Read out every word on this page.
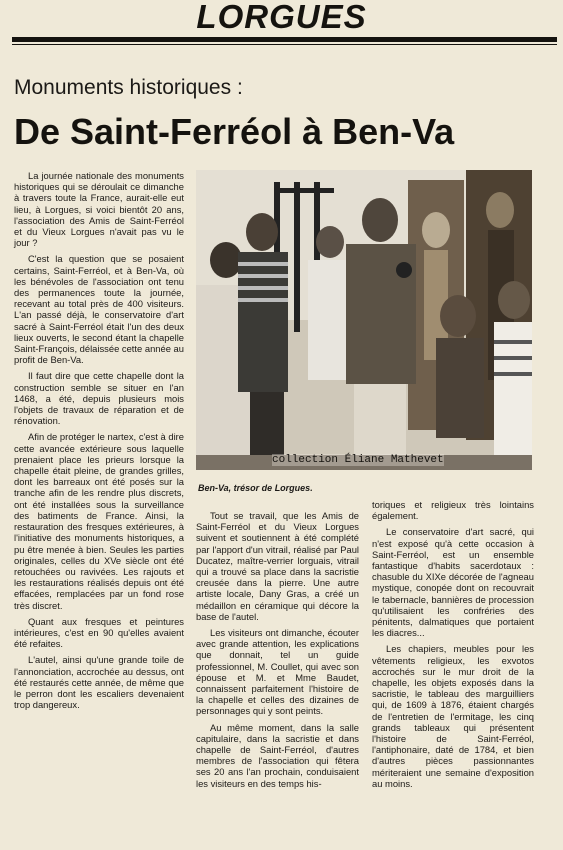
LORGUES
Monuments historiques :
De Saint-Ferréol à Ben-Va
collection Éliane Mathevet
Ben-Va, trésor de Lorgues.

La journée nationale des monuments historiques qui se déroulait ce dimanche à travers toute la France, aurait-elle eut lieu, à Lorgues, si voici bientôt 20 ans, l'association des Amis de Saint-Ferréol et du Vieux Lorgues n'avait pas vu le jour ?

C'est la question que se posaient certains, Saint-Ferréol, et à Ben-Va, où les bénévoles de l'association ont tenu des permanences toute la journée, recevant au total près de 400 visiteurs. L'an passé déjà, le conservatoire d'art sacré à Saint-Ferréol était l'un des deux lieux ouverts, le second étant la chapelle Saint-François, délaissée cette année au profit de Ben-Va.

Il faut dire que cette chapelle dont la construction semble se situer en l'an 1468, a été, depuis plusieurs mois l'objets de travaux de réparation et de rénovation.

Afin de protéger le nartex, c'est à dire cette avancée extérieure sous laquelle prenaient place les prieurs lorsque la chapelle était pleine, de grandes grilles, dont les barreaux ont été posés sur la tranche afin de les rendre plus discrets, ont été installées sous la surveillance des batiments de France. Ainsi, la restauration des fresques extérieures, à l'initiative des monuments historiques, a pu être menée à bien. Seules les parties originales, celles du XVe siècle ont été retouchées ou ravivées. Les rajouts et les restaurations réalisés depuis ont été effacées, remplacées par un fond rose très discret.

Quant aux fresques et peintures intérieures, c'est en 90 qu'elles avaient été refaites.

L'autel, ainsi qu'une grande toile de l'annonciation, accrochée au dessus, ont été restaurés cette année, de même que le perron dont les escaliers devenaient trop dangereux.

Tout se travail, que les Amis de Saint-Ferréol et du Vieux Lorgues suivent et soutiennent à été complété par l'apport d'un vitrail, réalisé par Paul Ducatez, maître-verrier lorguais, vitrail qui a trouvé sa place dans la sacristie creusée dans la pierre. Une autre artiste locale, Dany Gras, a créé un médaillon en céramique qui décore la base de l'autel.

Les visiteurs ont dimanche, écouter avec grande attention, les explications que donnait, tel un guide professionnel, M. Coullet, qui avec son épouse et M. et Mme Baudet, connaissent parfaitement l'histoire de la chapelle et celles des dizaines de personnages qui y sont peints.

Au même moment, dans la salle capitulaire, dans la sacristie et dans chapelle de Saint-Ferréol, d'autres membres de l'association qui fêtera ses 20 ans l'an prochain, conduisaient les visiteurs en des temps his-

toriques et religieux très lointains également.

Le conservatoire d'art sacré, qui n'est exposé qu'à cette occasion à Saint-Ferréol, est un ensemble fantastique d'habits sacerdotaux : chasuble du XIXe décorée de l'agneau mystique, conopée dont on recouvrait le tabernacle, bannières de procession qu'utilisaient les confréries des pénitents, dalmatiques que portaient les diacres...

Les chapiers, meubles pour les vêtements religieux, les exvotos accrochés sur le mur droit de la chapelle, les objets exposés dans la sacristie, le tableau des marguilliers qui, de 1609 à 1876, étaient chargés de l'entretien de l'ermitage, les cinq grands tableaux qui présentent l'histoire de Saint-Ferréol, l'antiphonaire, daté de 1784, et bien d'autres pièces passionnantes mériteraient une semaine d'exposition au moins.
